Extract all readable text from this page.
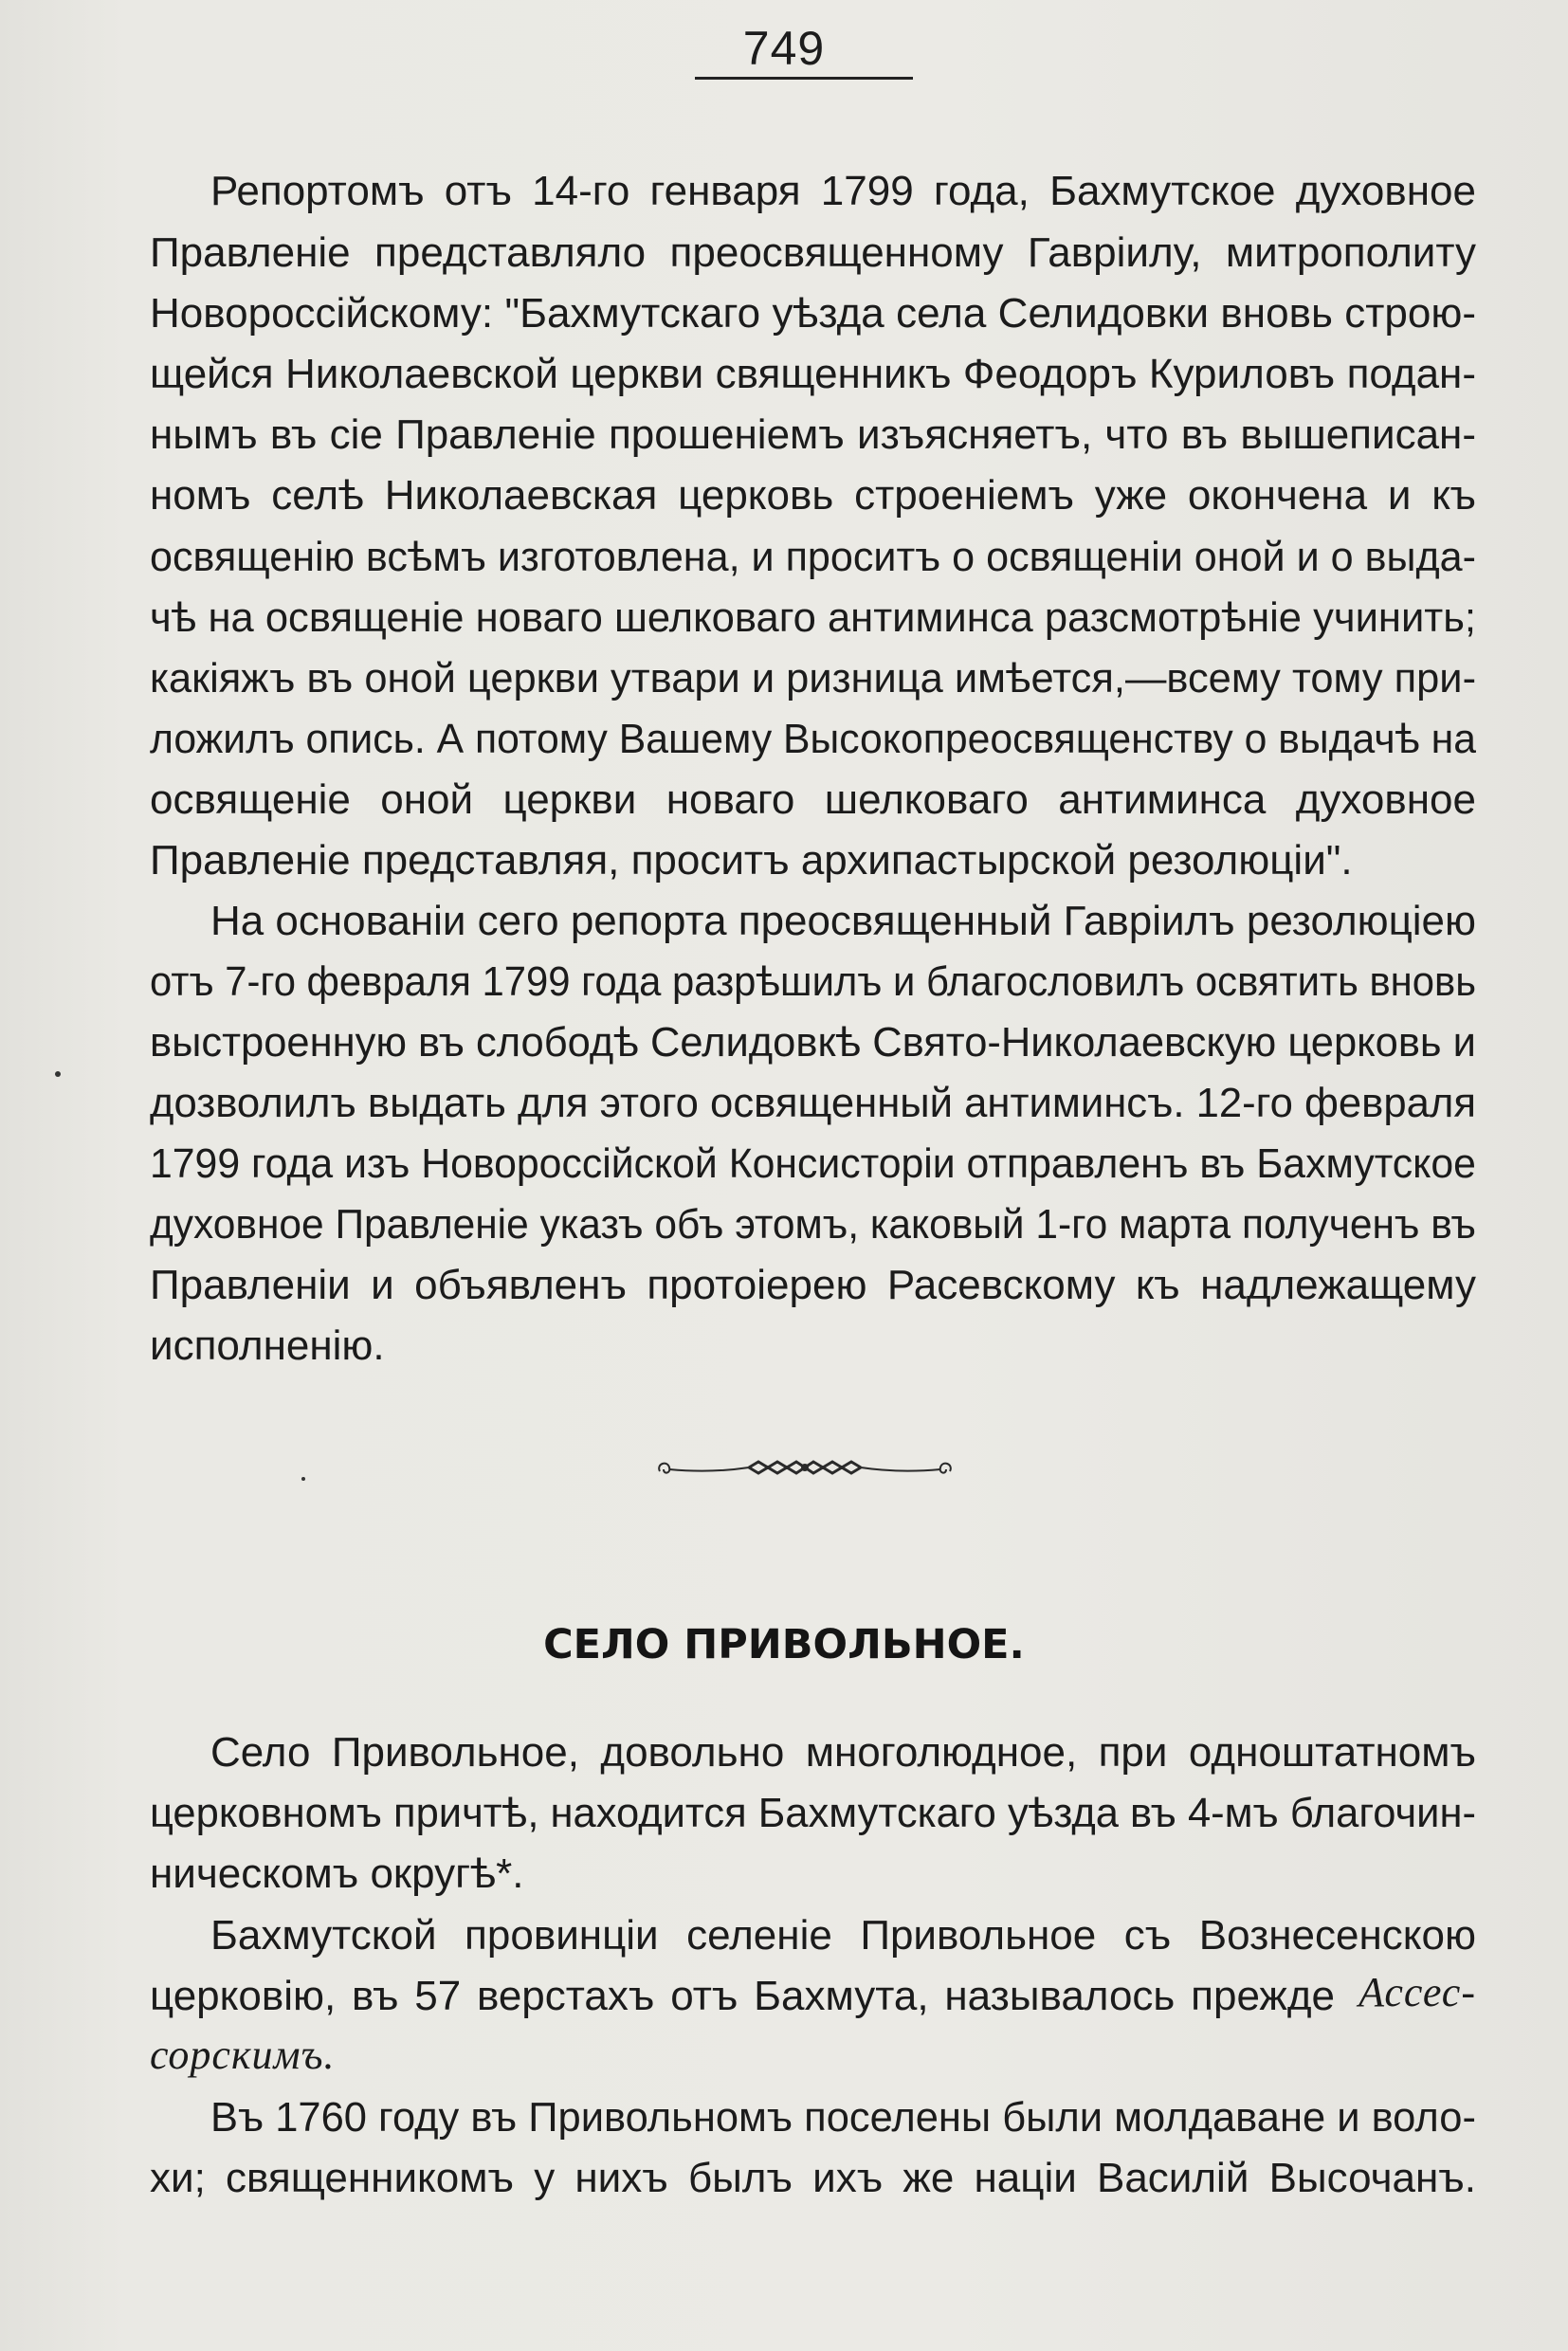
749
Репортомъ отъ 14-го генваря 1799 года, Бахмутское духовное
Правленіе представляло преосвященному Гавріилу, митрополиту
Новороссійскому: "Бахмутскаго уѣзда села Селидовки вновь строю-
щейся Николаевской церкви священникъ Феодоръ Куриловъ подан-
нымъ въ сіе Правленіе прошеніемъ изъясняетъ, что въ вышеписан-
номъ селѣ Николаевская церковь строеніемъ уже окончена и къ
освященію всѣмъ изготовлена, и проситъ о освященіи оной и о выда-
чѣ на освященіе новаго шелковаго антиминса разсмотрѣніе учинить;
какіяжъ въ оной церкви утвари и ризница имѣется,—всему тому при-
ложилъ опись. А потому Вашему Высокопреосвященству о выдачѣ на
освященіе оной церкви новаго шелковаго антиминса духовное
Правленіе представляя, проситъ архипастырской резолюціи".
На основаніи сего репорта преосвященный Гавріилъ резолюціею
отъ 7-го февраля 1799 года разрѣшилъ и благословилъ освятить вновь
выстроенную въ слободѣ Селидовкѣ Свято-Николаевскую церковь и
дозволилъ выдать для этого освященный антиминсъ. 12-го февраля
1799 года изъ Новороссійской Консисторіи отправленъ въ Бахмутское
духовное Правленіе указъ объ этомъ, каковый 1-го марта полученъ въ
Правленіи и объявленъ протоіерею Расевскому къ надлежащему
исполненію.
СЕЛО ПРИВОЛЬНОЕ.
Село Привольное, довольно многолюдное, при одноштатномъ
церковномъ причтѣ, находится Бахмутскаго уѣзда въ 4-мъ благочин-
ническомъ округѣ*.
Бахмутской провинціи селеніе Привольное съ Вознесенскою
церковію, въ 57 верстахъ отъ Бахмута, называлось прежде Ассес-
сорскимъ.
Въ 1760 году въ Привольномъ поселены были молдаване и воло-
хи; священникомъ у нихъ былъ ихъ же націи Василій Высочанъ.
